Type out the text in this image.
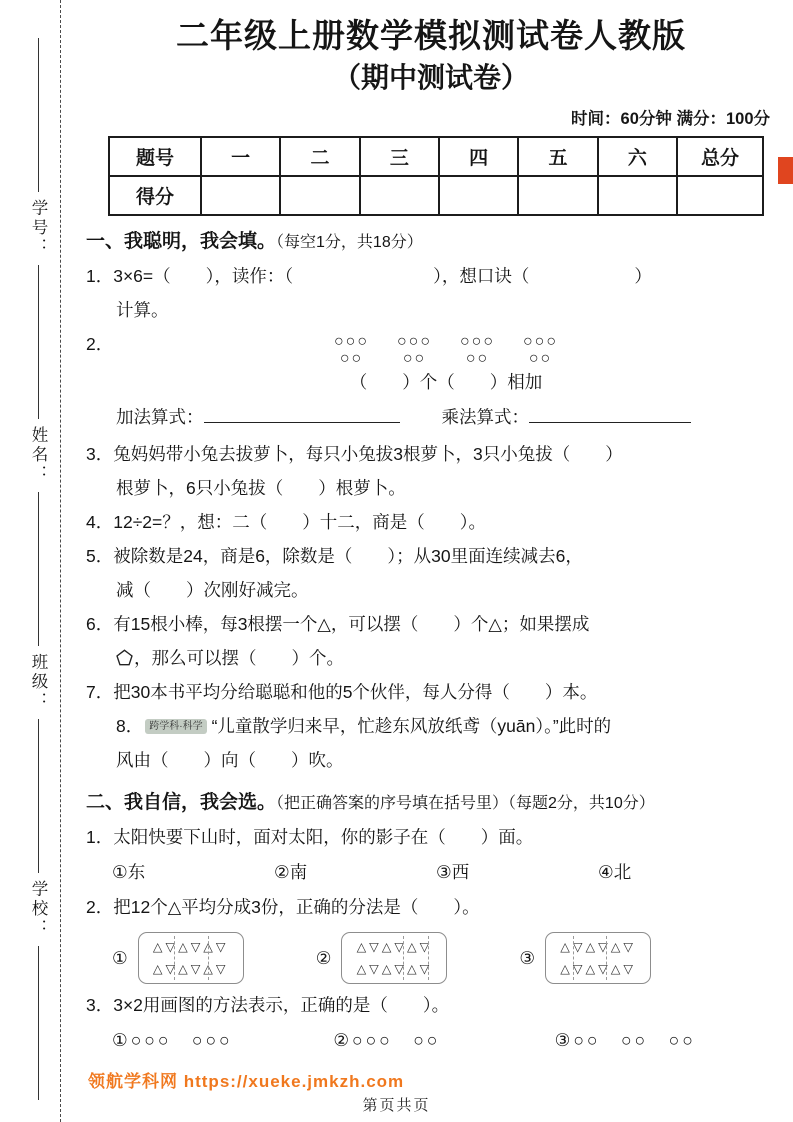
学号：
姓名：
班级：
学校：
二年级上册数学模拟测试卷人教版
（期中测试卷）
时间：60分钟 满分：100分
题号	一	二	三	四	五	六	总分
得分							
一、我聪明，我会填。（每空1分，共18分）
1．3×6=（　　），读作：（　　　　　　　　），想口诀（　　　　　　）
计算。
2．	○○○
○○
○○○
○○
○○○
○○
○○○
○○
（　　）个（　　）相加
加法算式：	乘法算式：
3．兔妈妈带小兔去拔萝卜，每只小兔拔3根萝卜，3只小兔拔（　　）
根萝卜，6只小兔拔（　　）根萝卜。
4．12÷2=？，想：二（　　）十二，商是（　　）。
5．被除数是24，商是6，除数是（　　）；从30里面连续减去6，
减（　　）次刚好减完。
6．有15根小棒，每3根摆一个△，可以摆（　　）个△；如果摆成
，那么可以摆（　　）个。
7．把30本书平均分给聪聪和他的5个伙伴，每人分得（　　）本。
8． 跨学科·科学 “儿童散学归来早，忙趁东风放纸鸢（yuān）。”此时的
风由（　　）向（　　）吹。
二、我自信，我会选。（把正确答案的序号填在括号里）（每题2分，共10分）
1．太阳快要下山时，面对太阳，你的影子在（　　）面。
①东	②南	③西	④北
2．把12个△平均分成3份，正确的分法是（　　）。
①
△▽△▽△▽
△▽△▽△▽
②
△▽△▽△▽
△▽△▽△▽
③
△▽△▽△▽
△▽△▽△▽
3．3×2用画图的方法表示，正确的是（　　）。
①○○○　○○○	②○○○　○○	③○○　○○　○○
领航学科网 https://xueke.jmkzh.com
第页共页
